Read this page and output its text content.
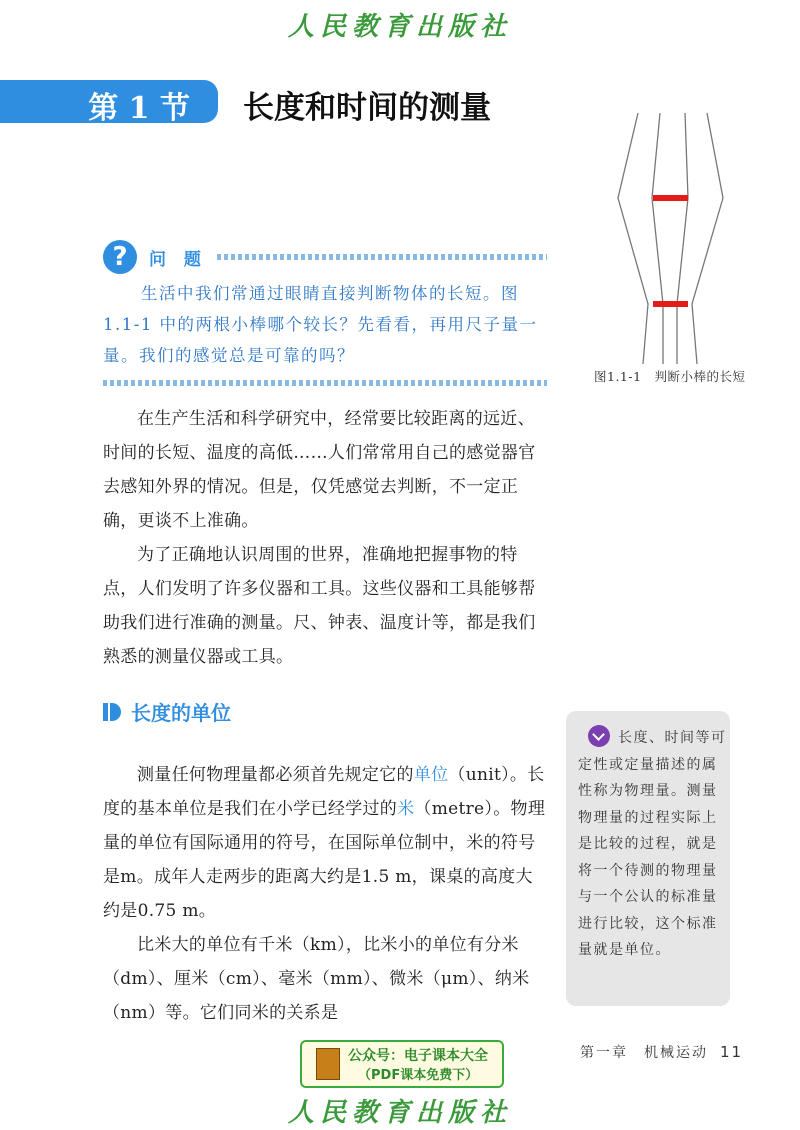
人民教育出版社
第 1 节 长度和时间的测量
图1.1-1　判断小棒的长短
?	问 题
生活中我们常通过眼睛直接判断物体的长短。图 1.1-1 中的两根小棒哪个较长？先看看，再用尺子量一量。我们的感觉总是可靠的吗？

在生产生活和科学研究中，经常要比较距离的远近、时间的长短、温度的高低……人们常常用自己的感觉器官去感知外界的情况。但是，仅凭感觉去判断，不一定正确，更谈不上准确。

为了正确地认识周围的世界，准确地把握事物的特点，人们发明了许多仪器和工具。这些仪器和工具能够帮助我们进行准确的测量。尺、钟表、温度计等，都是我们熟悉的测量仪器或工具。

长度的单位

测量任何物理量都必须首先规定它的单位（unit）。长度的基本单位是我们在小学已经学过的米（metre）。物理量的单位有国际通用的符号，在国际单位制中，米的符号是m。成年人走两步的距离大约是1.5 m，课桌的高度大约是0.75 m。

比米大的单位有千米（km），比米小的单位有分米（dm）、厘米（cm）、毫米（mm）、微米（μm）、纳米（nm）等。它们同米的关系是

长度、时间等可定性或定量描述的属性称为物理量。测量物理量的过程实际上是比较的过程，就是将一个待测的物理量与一个公认的标准量进行比较，这个标准量就是单位。
公众号：电子课本大全
（PDF课本免费下）
第一章　机械运动 11
人民教育出版社
